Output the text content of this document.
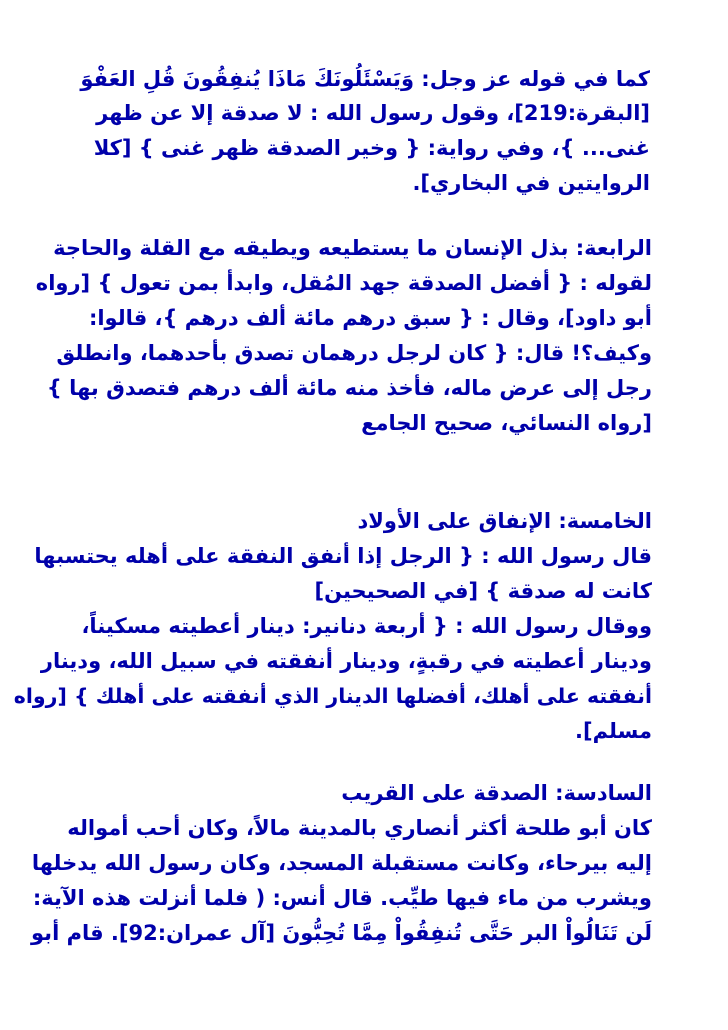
كما في قوله عز وجل: وَيَسْئَلُونَكَ مَاذَا يُنفِقُونَ قُلِ العَفْوَ
[البقرة:219]، وقول رسول الله : لا صدقة إلا عن ظهر
غنى... }، وفي رواية: { وخير الصدقة ظهر غنى } [كلا
الروايتين في البخاري].
الرابعة: بذل الإنسان ما يستطيعه ويطيقه مع القلة والحاجة
لقوله : { أفضل الصدقة جهد المُقل، وابدأ بمن تعول } [رواه
أبو داود]، وقال : { سبق درهم مائة ألف درهم }، قالوا:
وكيف؟! قال: { كان لرجل درهمان تصدق بأحدهما، وانطلق
رجل إلى عرض ماله، فأخذ منه مائة ألف درهم فتصدق بها }
[رواه النسائي، صحيح الجامع
الخامسة: الإنفاق على الأولاد
قال رسول الله : { الرجل إذا أنفق النفقة على أهله يحتسبها
كانت له صدقة } [في الصحيحين]
ووقال رسول الله : { أربعة دنانير: دينار أعطيته مسكيناً،
ودينار أعطيته في رقبةٍ، ودينار أنفقته في سبيل الله، ودينار
أنفقته على أهلك، أفضلها الدينار الذي أنفقته على أهلك } [رواه
مسلم].
السادسة: الصدقة على القريب
كان أبو طلحة أكثر أنصاري بالمدينة مالاً، وكان أحب أمواله
إليه بيرحاء، وكانت مستقبلة المسجد، وكان رسول الله يدخلها
ويشرب من ماء فيها طيِّب. قال أنس: ( فلما أنزلت هذه الآية:
لَن تَنَالُواْ البر حَتَّى تُنفِقُواْ مِمَّا تُحِبُّونَ [آل عمران:92]. قام أبو
